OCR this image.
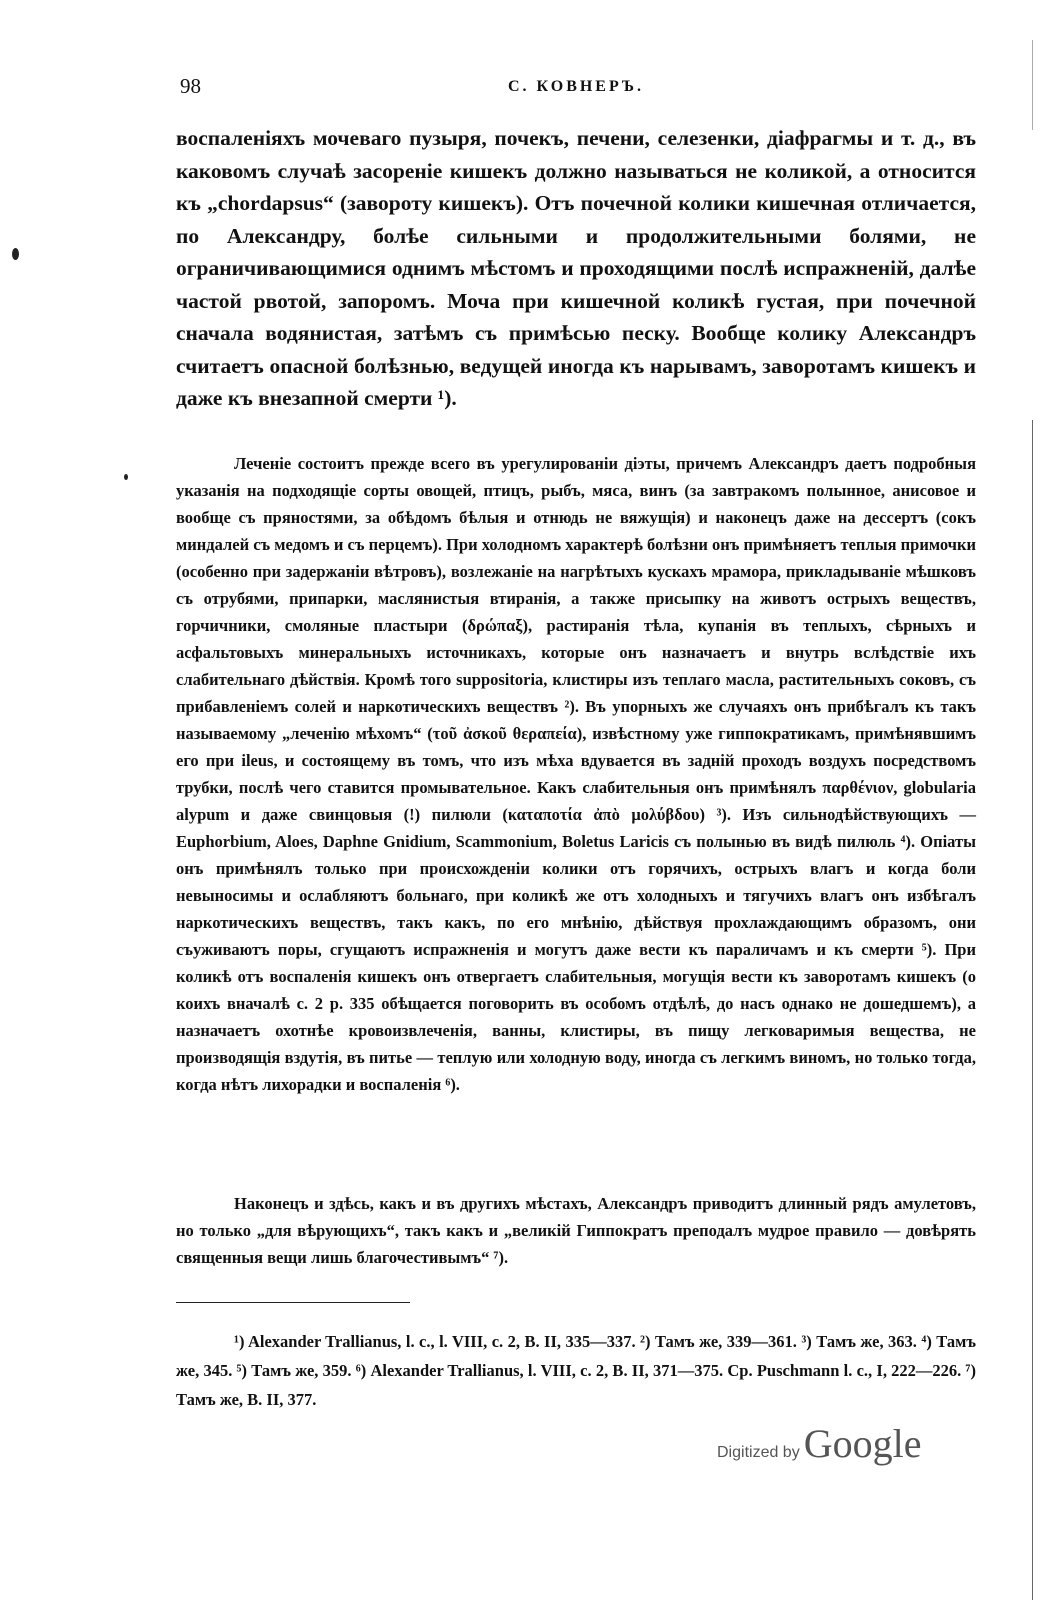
98	С. КОВНЕРЪ.
воспаленіяхъ мочеваго пузыря, почекъ, печени, селезенки, діафрагмы и т. д., въ каковомъ случаѣ засореніе кишекъ должно называться не коликой, а относится къ „chordapsus“ (завороту кишекъ). Отъ почечной колики кишечная отличается, по Александру, болѣе сильными и продолжительными болями, не ограничивающимися однимъ мѣстомъ и проходящими послѣ испражненій, далѣе частой рвотой, запоромъ. Моча при кишечной коликѣ густая, при почечной сначала водянистая, затѣмъ съ примѣсью песку. Вообще колику Александръ считаетъ опасной болѣзнью, ведущей иногда къ нарывамъ, заворотамъ кишекъ и даже къ внезапной смерти ¹).
Леченіе состоитъ прежде всего въ урегулированіи діэты, причемъ Александръ даетъ подробныя указанія на подходящіе сорты овощей, птицъ, рыбъ, мяса, винъ (за завтракомъ полынное, анисовое и вообще съ пряностями, за обѣдомъ бѣлыя и отнюдь не вяжущія) и наконецъ даже на дессертъ (сокъ миндалей съ медомъ и съ перцемъ). При холодномъ характерѣ болѣзни онъ примѣняетъ теплыя примочки (особенно при задержаніи вѣтровъ), возлежаніе на нагрѣтыхъ кускахъ мрамора, прикладываніе мѣшковъ съ отрубями, припарки, маслянистыя втиранія, а также присыпку на животъ острыхъ веществъ, горчичники, смоляные пластыри (δρώπαξ), растиранія тѣла, купанія въ теплыхъ, сѣрныхъ и асфальтовыхъ минеральныхъ источникахъ, которые онъ назначаетъ и внутрь вслѣдствіе ихъ слабительнаго дѣйствія. Кромѣ того suppositoria, клистиры изъ теплаго масла, растительныхъ соковъ, съ прибавленіемъ солей и наркотическихъ веществъ ²). Въ упорныхъ же случаяхъ онъ прибѣгалъ къ такъ называемому „леченію мѣхомъ“ (τοῦ ἀσκοῦ θεραπεία), извѣстному уже гиппократикамъ, примѣнявшимъ его при ileus, и состоящему въ томъ, что изъ мѣха вдувается въ задній проходъ воздухъ посредствомъ трубки, послѣ чего ставится промывательное. Какъ слабительныя онъ примѣнялъ παρθένιον, globularia alypum и даже свинцовыя (!) пилюли (καταποτία ἀπὸ μολύβδου) ³). Изъ сильнодѣйствующихъ — Euphorbium, Aloes, Daphne Gnidium, Scammonium, Boletus Laricis съ полынью въ видѣ пилюль ⁴). Опіаты онъ примѣнялъ только при происхожденіи колики отъ горячихъ, острыхъ влагъ и когда боли невыносимы и ослабляютъ больнаго, при коликѣ же отъ холодныхъ и тягучихъ влагъ онъ избѣгалъ наркотическихъ веществъ, такъ какъ, по его мнѣнію, дѣйствуя прохлаждающимъ образомъ, они съуживаютъ поры, сгущаютъ испражненія и могутъ даже вести къ параличамъ и къ смерти ⁵). При коликѣ отъ воспаленія кишекъ онъ отвергаетъ слабительныя, могущія вести къ заворотамъ кишекъ (о коихъ вначалѣ с. 2 р. 335 обѣщается поговорить въ особомъ отдѣлѣ, до насъ однако не дошедшемъ), а назначаетъ охотнѣе кровоизвлеченія, ванны, клистиры, въ пищу легковаримыя вещества, не производящія вздутія, въ питье — теплую или холодную воду, иногда съ легкимъ виномъ, но только тогда, когда нѣтъ лихорадки и воспаленія ⁶).
Наконецъ и здѣсь, какъ и въ другихъ мѣстахъ, Александръ приводитъ длинный рядъ амулетовъ, но только „для вѣрующихъ“, такъ какъ и „великій Гиппократъ преподалъ мудрое правило — довѣрять священныя вещи лишь благочестивымъ“ ⁷).
¹) Alexander Trallianus, l. c., l. VIII, c. 2, B. II, 335—337. ²) Тамъ же, 339—361. ³) Тамъ же, 363. ⁴) Тамъ же, 345. ⁵) Тамъ же, 359. ⁶) Alexander Trallianus, l. VIII, c. 2, B. II, 371—375. Ср. Puschmann l. c., I, 222—226. ⁷) Тамъ же, B. II, 377.
Digitized by Google
